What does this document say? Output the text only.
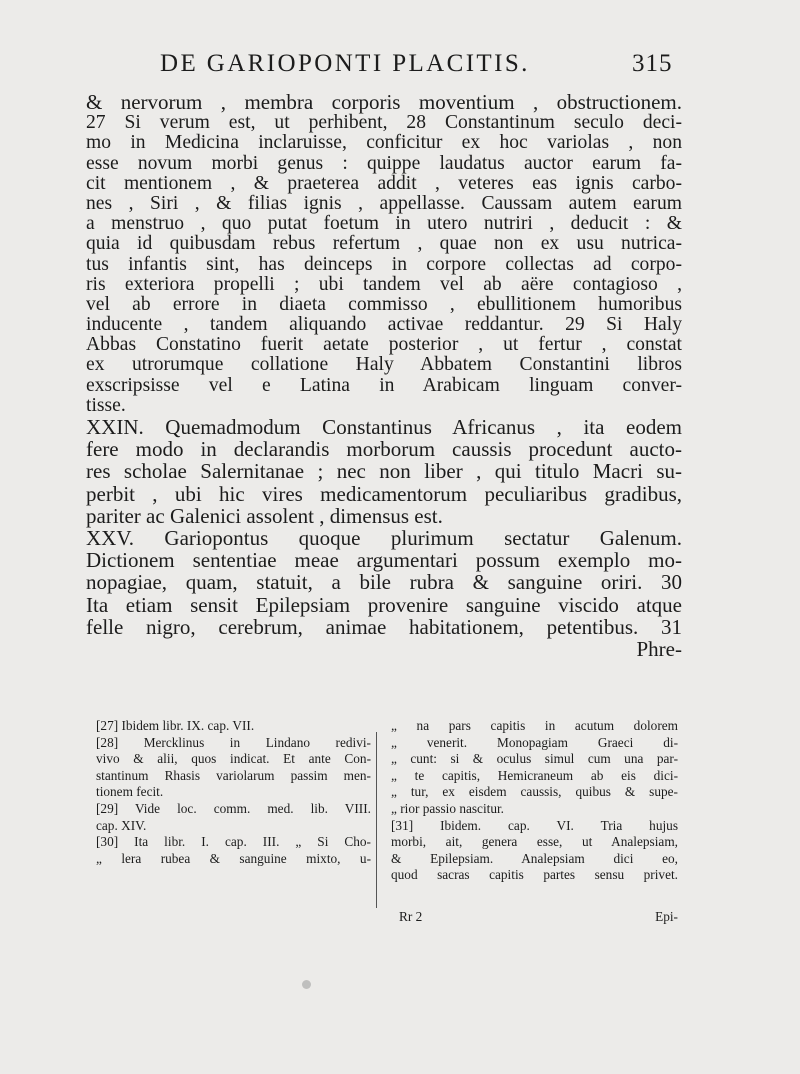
DE GARIOPONTI PLACITIS.	315
& nervorum , membra corporis moventium , obstructionem.
27 Si verum est, ut perhibent, 28 Constantinum seculo deci-
mo in Medicina inclaruisse, conficitur ex hoc variolas , non
esse novum morbi genus : quippe laudatus auctor earum fa-
cit mentionem , & praeterea addit , veteres eas ignis carbo-
nes , Siri , & filias ignis , appellasse. Caussam autem earum
a menstruo , quo putat foetum in utero nutriri , deducit : &
quia id quibusdam rebus refertum , quae non ex usu nutrica-
tus infantis sint, has deinceps in corpore collectas ad corpo-
ris exteriora propelli ; ubi tandem vel ab aëre contagioso ,
vel ab errore in diaeta commisso , ebullitionem humoribus
inducente , tandem aliquando activae reddantur. 29 Si Haly
Abbas Constatino fuerit aetate posterior , ut fertur , constat
ex utrorumque collatione Haly Abbatem Constantini libros
exscripsisse vel e Latina in Arabicam linguam conver-
tisse.
XXIN. Quemadmodum Constantinus Africanus , ita eodem
fere modo in declarandis morborum caussis procedunt aucto-
res scholae Salernitanae ; nec non liber , qui titulo Macri su-
perbit , ubi hic vires medicamentorum peculiaribus gradibus,
pariter ac Galenici assolent , dimensus est.
XXV. Gariopontus quoque plurimum sectatur Galenum.
Dictionem sententiae meae argumentari possum exemplo mo-
nopagiae, quam, statuit, a bile rubra & sanguine oriri. 30
Ita etiam sensit Epilepsiam provenire sanguine viscido atque
felle nigro, cerebrum, animae habitationem, petentibus. 31
Phre-
[27] Ibidem libr. IX. cap. VII.
[28] Mercklinus in Lindano redivi-
vivo & alii, quos indicat. Et ante Con-
stantinum Rhasis variolarum passim men-
tionem fecit.
[29] Vide loc. comm. med. lib. VIII.
cap. XIV.
[30] Ita libr. I. cap. III. „ Si Cho-
„ lera rubea & sanguine mixto, u-
„ na pars capitis in acutum dolorem
„ venerit. Monopagiam Graeci di-
„ cunt: si & oculus simul cum una par-
„ te capitis, Hemicraneum ab eis dici-
„ tur, ex eisdem caussis, quibus & supe-
„ rior passio nascitur.
[31] Ibidem. cap. VI. Tria hujus
morbi, ait, genera esse, ut Analepsiam,
& Epilepsiam. Analepsiam dici eo,
quod sacras capitis partes sensu privet.
Rr 2	Epi-
